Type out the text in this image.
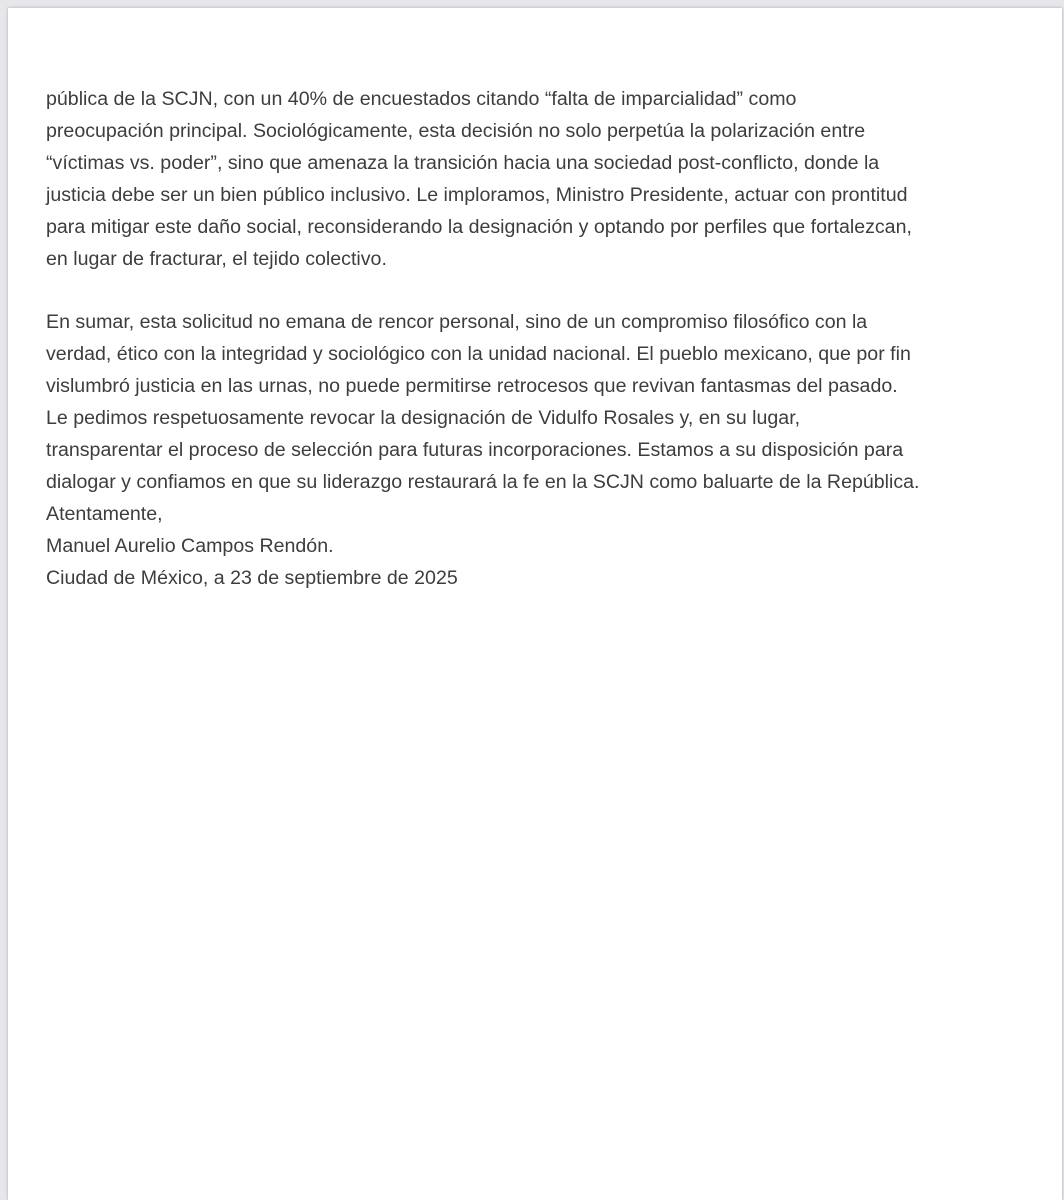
pública de la SCJN, con un 40% de encuestados citando “falta de imparcialidad” como
preocupación principal. Sociológicamente, esta decisión no solo perpetúa la polarización entre
“víctimas vs. poder”, sino que amenaza la transición hacia una sociedad post-conflicto, donde la
justicia debe ser un bien público inclusivo. Le imploramos, Ministro Presidente, actuar con prontitud
para mitigar este daño social, reconsiderando la designación y optando por perfiles que fortalezcan,
en lugar de fracturar, el tejido colectivo.
En sumar, esta solicitud no emana de rencor personal, sino de un compromiso filosófico con la
verdad, ético con la integridad y sociológico con la unidad nacional. El pueblo mexicano, que por fin
vislumbró justicia en las urnas, no puede permitirse retrocesos que revivan fantasmas del pasado.
Le pedimos respetuosamente revocar la designación de Vidulfo Rosales y, en su lugar,
transparentar el proceso de selección para futuras incorporaciones. Estamos a su disposición para
dialogar y confiamos en que su liderazgo restaurará la fe en la SCJN como baluarte de la República.
Atentamente,
Manuel Aurelio Campos Rendón.
Ciudad de México, a 23 de septiembre de 2025
